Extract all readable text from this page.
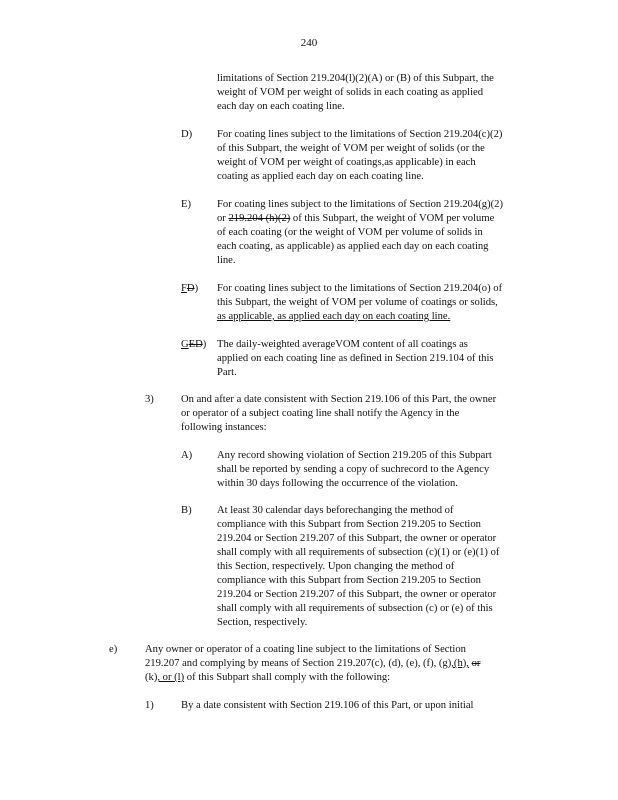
240
limitations of Section 219.204(l)(2)(A) or (B) of this Subpart, the
weight of VOM per weight of solids in each coating as applied
each day on each coating line.
D) For coating lines subject to the limitations of Section 219.204(c)(2)
of this Subpart, the weight of VOM per weight of solids (or the
weight of VOM per weight of coatings,as applicable) in each
coating as applied each day on each coating line.
E) For coating lines subject to the limitations of Section 219.204(g)(2)
or 219.204 (h)(2) of this Subpart, the weight of VOM per volume
of each coating (or the weight of VOM per volume of solids in
each coating, as applicable) as applied each day on each coating
line.
FD) For coating lines subject to the limitations of Section 219.204(o) of
this Subpart, the weight of VOM per volume of coatings or solids,
as applicable, as applied each day on each coating line.
GED) The daily-weighted averageVOM content of all coatings as
applied on each coating line as defined in Section 219.104 of this
Part.
3)	On and after a date consistent with Section 219.106 of this Part, the owner
or operator of a subject coating line shall notify the Agency in the
following instances:
A) Any record showing violation of Section 219.205 of this Subpart
shall be reported by sending a copy of suchrecord to the Agency
within 30 days following the occurrence of the violation.
B) At least 30 calendar days beforechanging the method of
compliance with this Subpart from Section 219.205 to Section
219.204 or Section 219.207 of this Subpart, the owner or operator
shall comply with all requirements of subsection (c)(1) or (e)(1) of
this Section, respectively. Upon changing the method of
compliance with this Subpart from Section 219.205 to Section
219.204 or Section 219.207 of this Subpart, the owner or operator
shall comply with all requirements of subsection (c) or (e) of this
Section, respectively.
e)	Any owner or operator of a coating line subject to the limitations of Section
219.207 and complying by means of Section 219.207(c), (d), (e), (f), (g),(h), or
(k), or (l) of this Subpart shall comply with the following:
1)	By a date consistent with Section 219.106 of this Part, or upon initial
